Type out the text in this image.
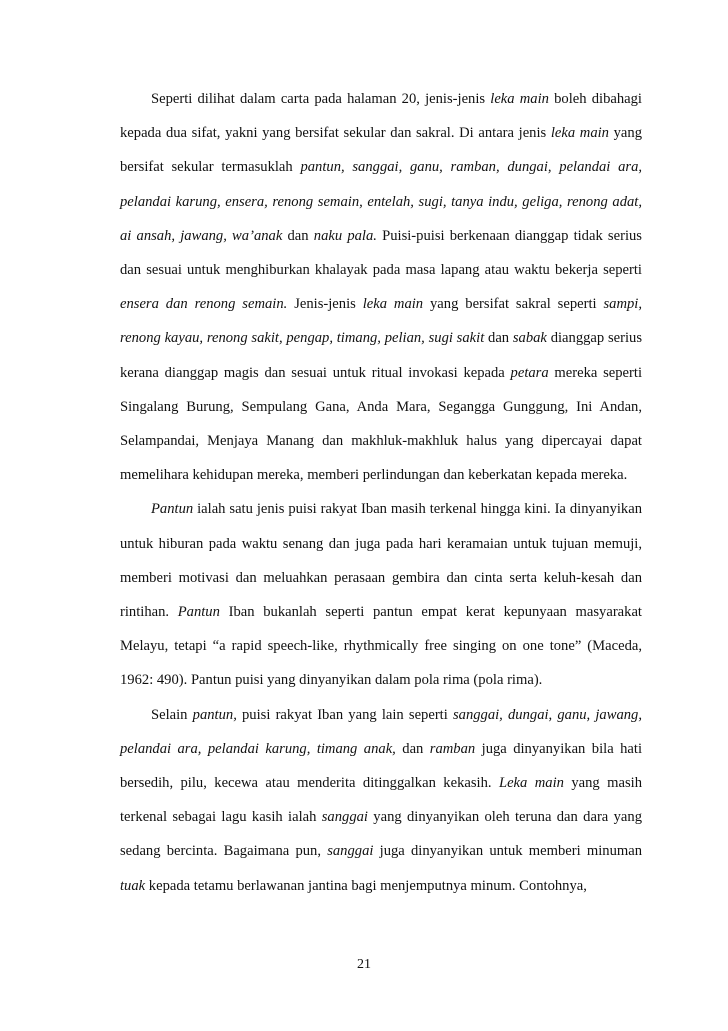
Seperti dilihat dalam carta pada halaman 20, jenis-jenis leka main boleh dibahagi kepada dua sifat, yakni yang bersifat sekular dan sakral. Di antara jenis leka main yang bersifat sekular termasuklah pantun, sanggai, ganu, ramban, dungai, pelandai ara, pelandai karung, ensera, renong semain, entelah, sugi, tanya indu, geliga, renong adat, ai ansah, jawang, wa’anak dan naku pala. Puisi-puisi berkenaan dianggap tidak serius dan sesuai untuk menghiburkan khalayak pada masa lapang atau waktu bekerja seperti ensera dan renong semain. Jenis-jenis leka main yang bersifat sakral seperti sampi, renong kayau, renong sakit, pengap, timang, pelian, sugi sakit dan sabak dianggap serius kerana dianggap magis dan sesuai untuk ritual invokasi kepada petara mereka seperti Singalang Burung, Sempulang Gana, Anda Mara, Segangga Gunggung, Ini Andan, Selampandai, Menjaya Manang dan makhluk-makhluk halus yang dipercayai dapat memelihara kehidupan mereka, memberi perlindungan dan keberkatan kepada mereka.

Pantun ialah satu jenis puisi rakyat Iban masih terkenal hingga kini. Ia dinyanyikan untuk hiburan pada waktu senang dan juga pada hari keramaian untuk tujuan memuji, memberi motivasi dan meluahkan perasaan gembira dan cinta serta keluh-kesah dan rintihan. Pantun Iban bukanlah seperti pantun empat kerat kepunyaan masyarakat Melayu, tetapi “a rapid speech-like, rhythmically free singing on one tone” (Maceda, 1962: 490). Pantun puisi yang dinyanyikan dalam pola rima (pola rima).

Selain pantun, puisi rakyat Iban yang lain seperti sanggai, dungai, ganu, jawang, pelandai ara, pelandai karung, timang anak, dan ramban juga dinyanyikan bila hati bersedih, pilu, kecewa atau menderita ditinggalkan kekasih. Leka main yang masih terkenal sebagai lagu kasih ialah sanggai yang dinyanyikan oleh teruna dan dara yang sedang bercinta. Bagaimana pun, sanggai juga dinyanyikan untuk memberi minuman tuak kepada tetamu berlawanan jantina bagi menjemputnya minum. Contohnya,

21
